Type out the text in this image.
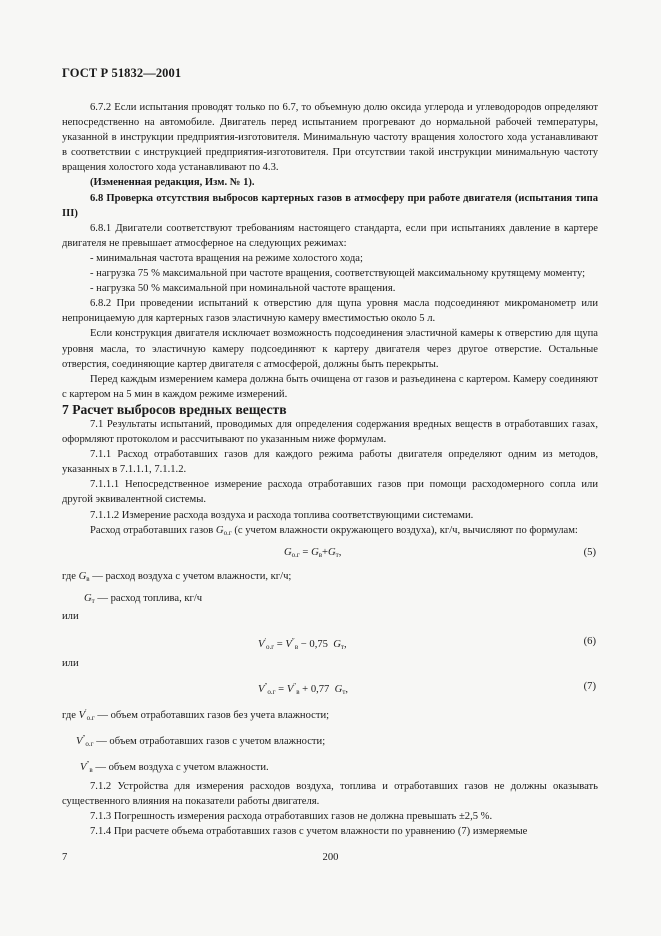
ГОСТ Р 51832—2001

6.7.2 Если испытания проводят только по 6.7, то объемную долю оксида углерода и углеводородов определяют непосредственно на автомобиле. Двигатель перед испытанием прогревают до нормальной рабочей температуры, указанной в инструкции предприятия-изготовителя. Минимальную частоту вращения холостого хода устанавливают в соответствии с инструкцией предприятия-изготовителя. При отсутствии такой инструкции минимальную частоту вращения холостого хода устанавливают по 4.3.

(Измененная редакция, Изм. № 1).

6.8 Проверка отсутствия выбросов картерных газов в атмосферу при работе двигателя (испытания типа III)

6.8.1 Двигатели соответствуют требованиям настоящего стандарта, если при испытаниях давление в картере двигателя не превышает атмосферное на следующих режимах:

- минимальная частота вращения на режиме холостого хода;

- нагрузка 75 % максимальной при частоте вращения, соответствующей максимальному крутящему моменту;

- нагрузка 50 % максимальной при номинальной частоте вращения.

6.8.2 При проведении испытаний к отверстию для щупа уровня масла подсоединяют микроманометр или непроницаемую для картерных газов эластичную камеру вместимостью около 5 л.

Если конструкция двигателя исключает возможность подсоединения эластичной камеры к отверстию для щупа уровня масла, то эластичную камеру подсоединяют к картеру двигателя через другое отверстие. Остальные отверстия, соединяющие картер двигателя с атмосферой, должны быть перекрыты.

Перед каждым измерением камера должна быть очищена от газов и разъединена с картером. Камеру соединяют с картером на 5 мин в каждом режиме измерений.

7 Расчет выбросов вредных веществ

7.1 Результаты испытаний, проводимых для определения содержания вредных веществ в отработавших газах, оформляют протоколом и рассчитывают по указанным ниже формулам.

7.1.1 Расход отработавших газов для каждого режима работы двигателя определяют одним из методов, указанных в 7.1.1.1, 7.1.1.2.

7.1.1.1 Непосредственное измерение расхода отработавших газов при помощи расходомерного сопла или другой эквивалентной системы.

7.1.1.2 Измерение расхода воздуха и расхода топлива соответствующими системами.

Расход отработавших газов $G_{о.г}$ (с учетом влажности окружающего воздуха), кг/ч, вычисляют по формулам:

$G_{о.г} = G_в+G_т$,	(5)
где $G_в$ — расход воздуха с учетом влажности, кг/ч;
$G_т$ — расход топлива, кг/ч

или

$V'_{о.г} = V''_в - 0,75$ $G_т$,	(6)

или

$V''_{о.г} = V''_в + 0,77$ $G_т$,	(7)
где $V'_{о.г}$ — объем отработавших газов без учета влажности;
$V''_{о.г}$ — объем отработавших газов с учетом влажности;
$V''_в$ — объем воздуха с учетом влажности.

7.1.2 Устройства для измерения расходов воздуха, топлива и отработавших газов не должны оказывать существенного влияния на показатели работы двигателя.

7.1.3 Погрешность измерения расхода отработавших газов не должна превышать ±2,5 %.

7.1.4 При расчете объема отработавших газов с учетом влажности по уравнению (7) измеряемые

7	200
